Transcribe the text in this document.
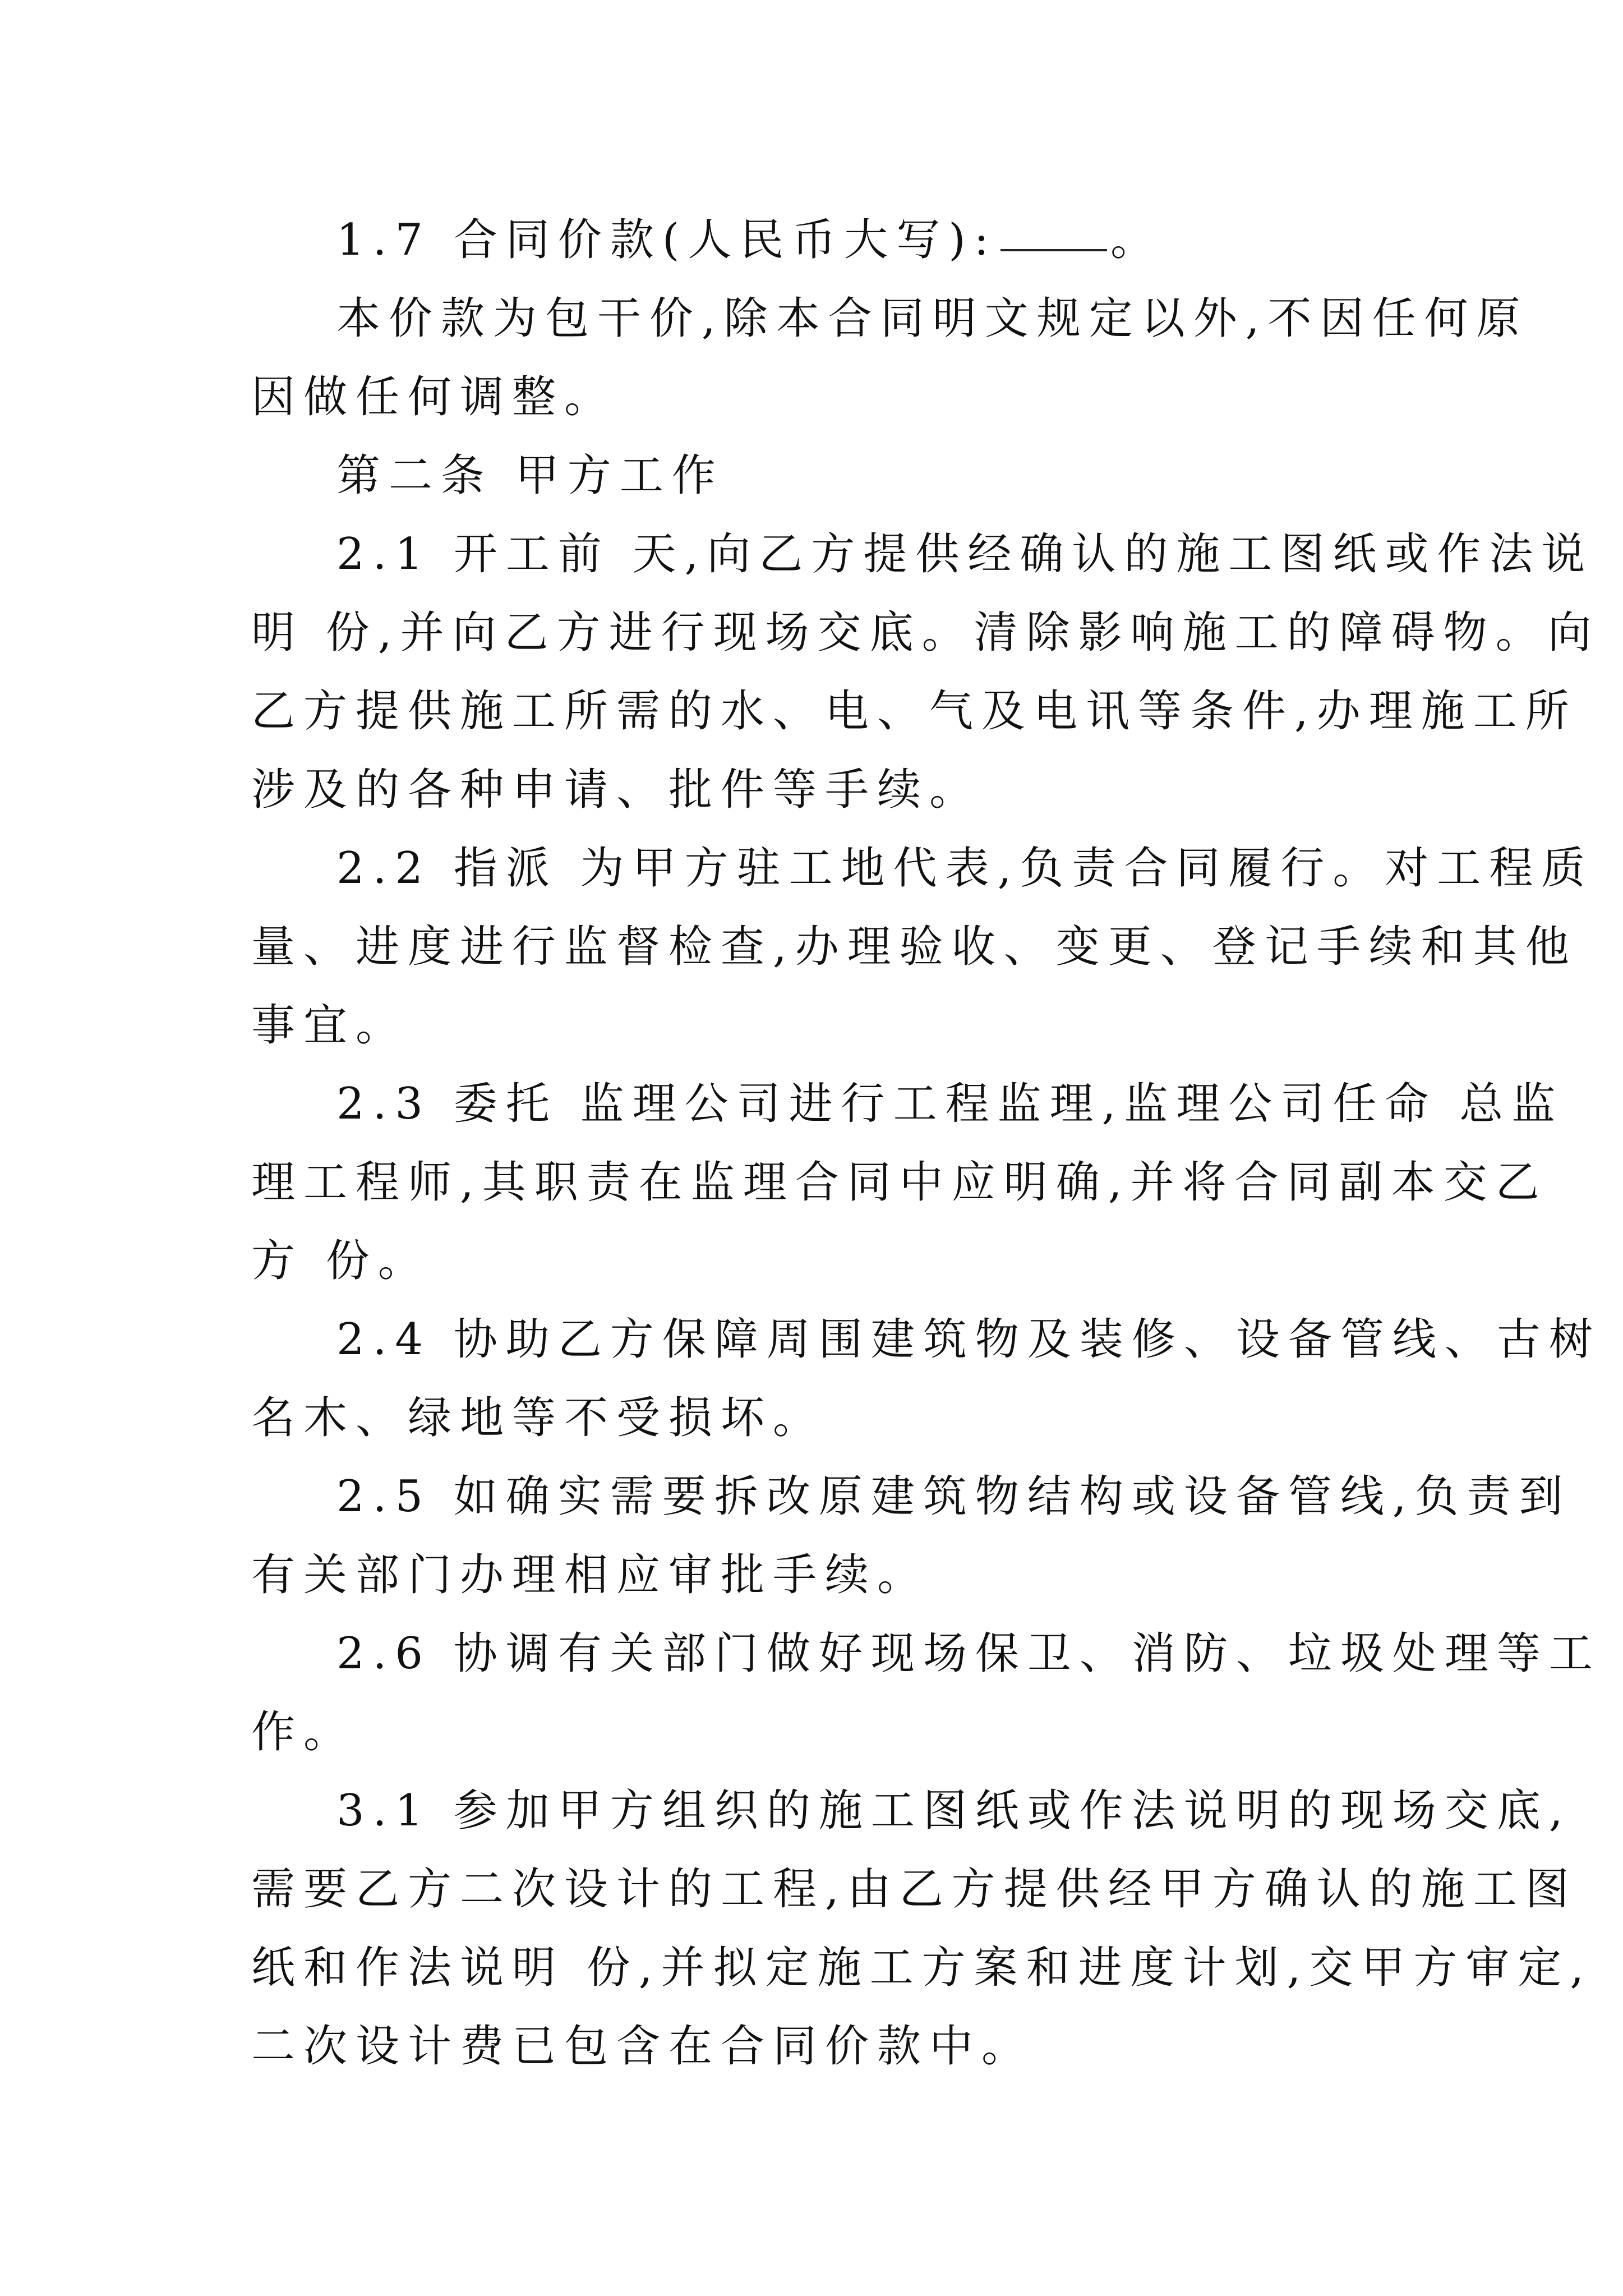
1.7 合同价款(人民币大写):	。
本价款为包干价,除本合同明文规定以外,不因任何原
因做任何调整。
第二条 甲方工作
2.1 开工前 天,向乙方提供经确认的施工图纸或作法说
明 份,并向乙方进行现场交底。清除影响施工的障碍物。向
乙方提供施工所需的水、电、气及电讯等条件,办理施工所
涉及的各种申请、批件等手续。
2.2 指派 为甲方驻工地代表,负责合同履行。对工程质
量、进度进行监督检查,办理验收、变更、登记手续和其他
事宜。
2.3 委托 监理公司进行工程监理,监理公司任命 总监
理工程师,其职责在监理合同中应明确,并将合同副本交乙
方 份。
2.4 协助乙方保障周围建筑物及装修、设备管线、古树
名木、绿地等不受损坏。
2.5 如确实需要拆改原建筑物结构或设备管线,负责到
有关部门办理相应审批手续。
2.6 协调有关部门做好现场保卫、消防、垃圾处理等工
作。
3.1 参加甲方组织的施工图纸或作法说明的现场交底,
需要乙方二次设计的工程,由乙方提供经甲方确认的施工图
纸和作法说明 份,并拟定施工方案和进度计划,交甲方审定,
二次设计费已包含在合同价款中。
